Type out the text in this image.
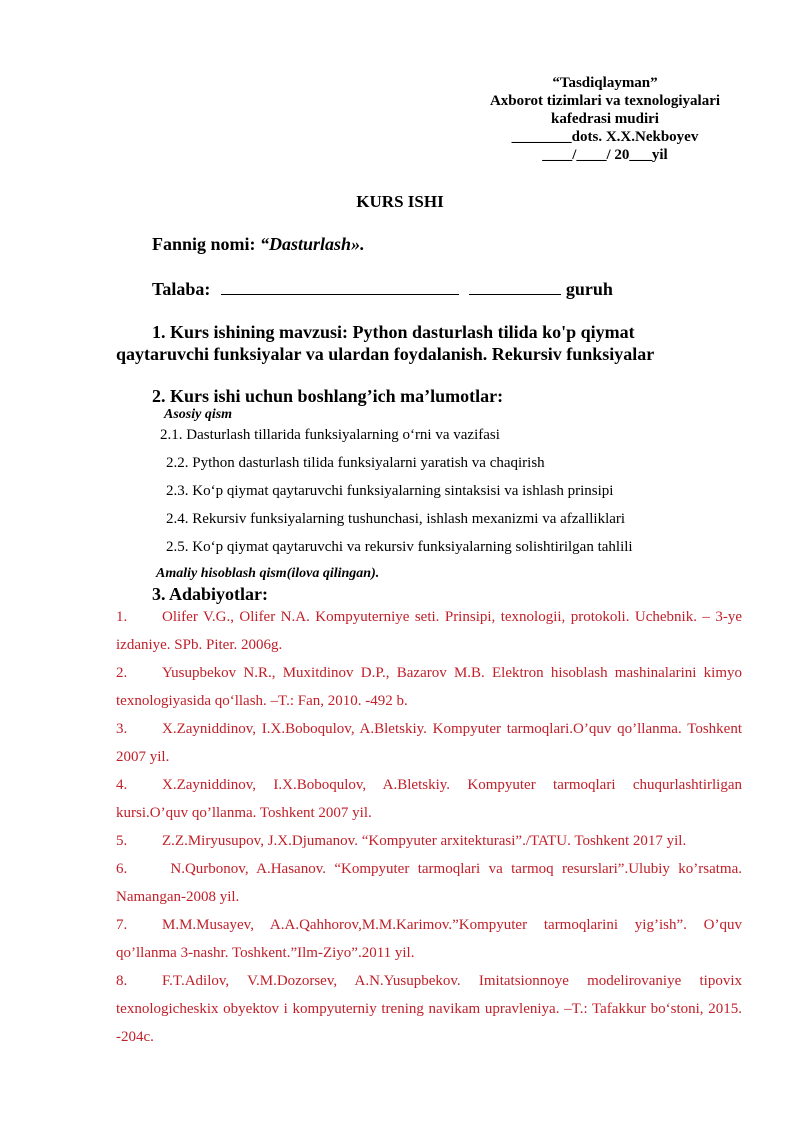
“Tasdiqlayman”
Axborot tizimlari va texnologiyalari
kafedrasi mudiri
________dots. X.X.Nekboyev
____/____/ 20___yil
KURS ISHI
Fannig nomi: “Dasturlash».
Talaba:	guruh
1. Kurs ishining mavzusi: Python dasturlash tilida ko'p qiymat qaytaruvchi funksiyalar va ulardan foydalanish. Rekursiv funksiyalar
2. Kurs ishi uchun boshlang’ich ma’lumotlar:
Asosiy qism
2.1. Dasturlash tillarida funksiyalarning o‘rni va vazifasi
2.2. Python dasturlash tilida funksiyalarni yaratish va chaqirish
2.3. Ko‘p qiymat qaytaruvchi funksiyalarning sintaksisi va ishlash prinsipi
2.4. Rekursiv funksiyalarning tushunchasi, ishlash mexanizmi va afzalliklari
2.5. Ko‘p qiymat qaytaruvchi va rekursiv funksiyalarning solishtirilgan tahlili
Amaliy hisoblash qism(ilova qilingan).
3. Adabiyotlar:
1. Olifer V.G., Olifer N.A. Kompyuterniye seti. Prinsipi, texnologii, protokoli. Uchebnik. – 3-ye izdaniye. SPb. Piter. 2006g.
2. Yusupbekov N.R., Muxitdinov D.P., Bazarov M.B. Elektron hisoblash mashinalarini kimyo texnologiyasida qo‘llash. –T.: Fan, 2010. -492 b.
3. X.Zayniddinov, I.X.Boboqulov, A.Bletskiy. Kompyuter tarmoqlari.O’quv qo’llanma. Toshkent 2007 yil.
4. X.Zayniddinov, I.X.Boboqulov, A.Bletskiy. Kompyuter tarmoqlari chuqurlashtirligan kursi.O’quv qo’llanma. Toshkent 2007 yil.
5. Z.Z.Miryusupov, J.X.Djumanov. “Kompyuter arxitekturasi”./TATU. Toshkent 2017 yil.
6. N.Qurbonov, A.Hasanov. “Kompyuter tarmoqlari va tarmoq resurslari”.Ulubiy ko’rsatma. Namangan-2008 yil.
7. M.M.Musayev, A.A.Qahhorov,M.M.Karimov.”Kompyuter tarmoqlarini yig’ish”. O’quv qo’llanma 3-nashr. Toshkent.”Ilm-Ziyo”.2011 yil.
8. F.T.Adilov, V.M.Dozorsev, A.N.Yusupbekov. Imitatsionnoye modelirovaniye tipovix texnologicheskix obyektov i kompyuterniy trening navikam upravleniya. –T.: Tafakkur bo‘stoni, 2015. -204c.
